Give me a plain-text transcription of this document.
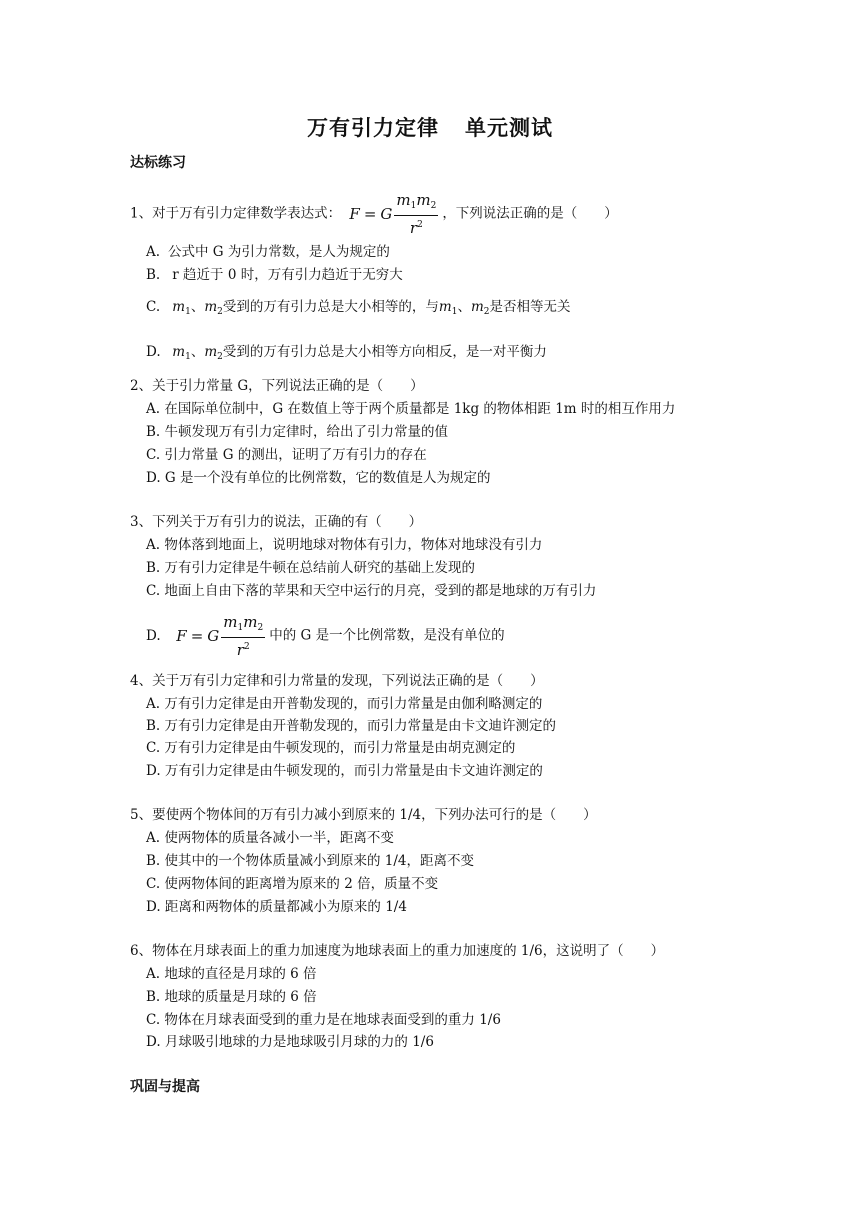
万有引力定律 单元测试
达标练习
1、对于万有引力定律数学表达式： F = G $\frac{m_1m_2}{r^2}$ ，下列说法正确的是（　　）
A. 公式中 G 为引力常数，是人为规定的
B. r 趋近于 0 时，万有引力趋近于无穷大
C. $m_1$、$m_2$受到的万有引力总是大小相等的，与$m_1$、$m_2$是否相等无关
D. $m_1$、$m_2$受到的万有引力总是大小相等方向相反，是一对平衡力
2、关于引力常量 G，下列说法正确的是（　　）
A. 在国际单位制中，G 在数值上等于两个质量都是 1kg 的物体相距 1m 时的相互作用力
B. 牛顿发现万有引力定律时，给出了引力常量的值
C. 引力常量 G 的测出，证明了万有引力的存在
D. G 是一个没有单位的比例常数，它的数值是人为规定的
3、下列关于万有引力的说法，正确的有（　　）
A. 物体落到地面上，说明地球对物体有引力，物体对地球没有引力
B. 万有引力定律是牛顿在总结前人研究的基础上发现的
C. 地面上自由下落的苹果和天空中运行的月亮，受到的都是地球的万有引力
D. F = G $\frac{m_1m_2}{r^2}$ 中的 G 是一个比例常数，是没有单位的
4、关于万有引力定律和引力常量的发现，下列说法正确的是（　　）
A. 万有引力定律是由开普勒发现的，而引力常量是由伽利略测定的
B. 万有引力定律是由开普勒发现的，而引力常量是由卡文迪许测定的
C. 万有引力定律是由牛顿发现的，而引力常量是由胡克测定的
D. 万有引力定律是由牛顿发现的，而引力常量是由卡文迪许测定的
5、要使两个物体间的万有引力减小到原来的 1/4，下列办法可行的是（　　）
A. 使两物体的质量各减小一半，距离不变
B. 使其中的一个物体质量减小到原来的 1/4，距离不变
C. 使两物体间的距离增为原来的 2 倍，质量不变
D. 距离和两物体的质量都减小为原来的 1/4
6、物体在月球表面上的重力加速度为地球表面上的重力加速度的 1/6，这说明了（　　）
A. 地球的直径是月球的 6 倍
B. 地球的质量是月球的 6 倍
C. 物体在月球表面受到的重力是在地球表面受到的重力 1/6
D. 月球吸引地球的力是地球吸引月球的力的 1/6
巩固与提高
